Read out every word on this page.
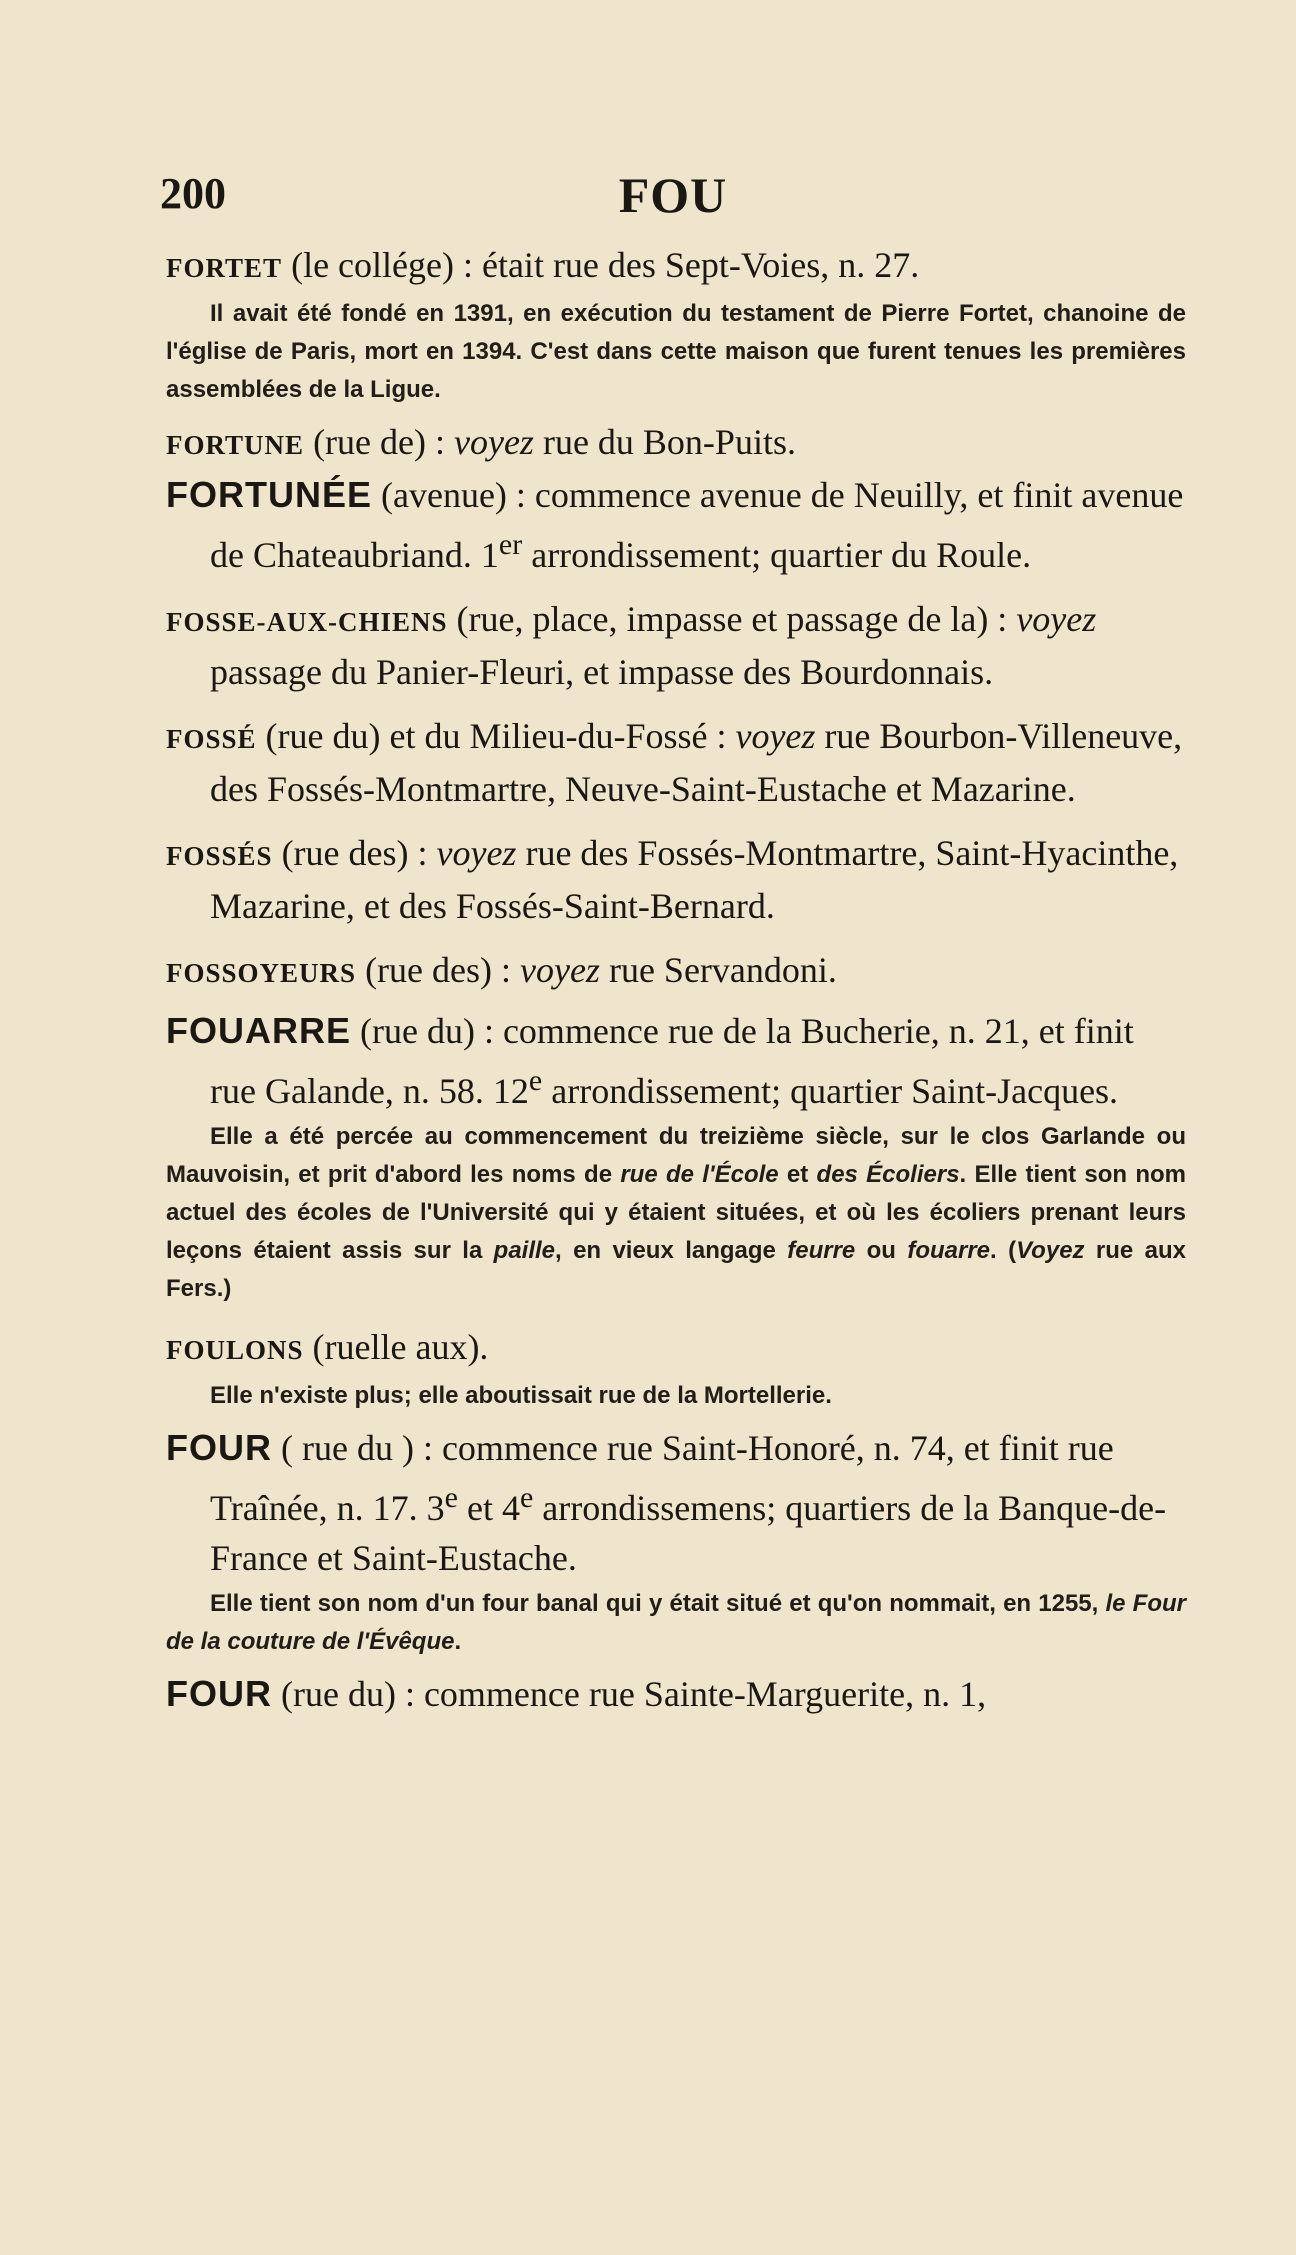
200	FOU

FORTET (le collége) : était rue des Sept-Voies, n. 27.

Il avait été fondé en 1391, en exécution du testament de Pierre Fortet, chanoine de l'église de Paris, mort en 1394. C'est dans cette maison que furent tenues les premières assemblées de la Ligue.

FORTUNE (rue de) : voyez rue du Bon-Puits.

FORTUNÉE (avenue) : commence avenue de Neuilly, et finit avenue de Chateaubriand. 1er arrondissement; quartier du Roule.

FOSSE-AUX-CHIENS (rue, place, impasse et passage de la) : voyez passage du Panier-Fleuri, et impasse des Bourdonnais.

FOSSÉ (rue du) et du Milieu-du-Fossé : voyez rue Bourbon-Villeneuve, des Fossés-Montmartre, Neuve-Saint-Eustache et Mazarine.

FOSSÉS (rue des) : voyez rue des Fossés-Montmartre, Saint-Hyacinthe, Mazarine, et des Fossés-Saint-Bernard.

FOSSOYEURS (rue des) : voyez rue Servandoni.

FOUARRE (rue du) : commence rue de la Bucherie, n. 21, et finit rue Galande, n. 58. 12e arrondissement; quartier Saint-Jacques.

Elle a été percée au commencement du treizième siècle, sur le clos Garlande ou Mauvoisin, et prit d'abord les noms de rue de l'École et des Écoliers. Elle tient son nom actuel des écoles de l'Université qui y étaient situées, et où les écoliers prenant leurs leçons étaient assis sur la paille, en vieux langage feurre ou fouarre. (Voyez rue aux Fers.)

FOULONS (ruelle aux).

Elle n'existe plus; elle aboutissait rue de la Mortellerie.

FOUR ( rue du ) : commence rue Saint-Honoré, n. 74, et finit rue Traînée, n. 17. 3e et 4e arrondissemens; quartiers de la Banque-de-France et Saint-Eustache.

Elle tient son nom d'un four banal qui y était situé et qu'on nommait, en 1255, le Four de la couture de l'Évêque.

FOUR (rue du) : commence rue Sainte-Marguerite, n. 1,
